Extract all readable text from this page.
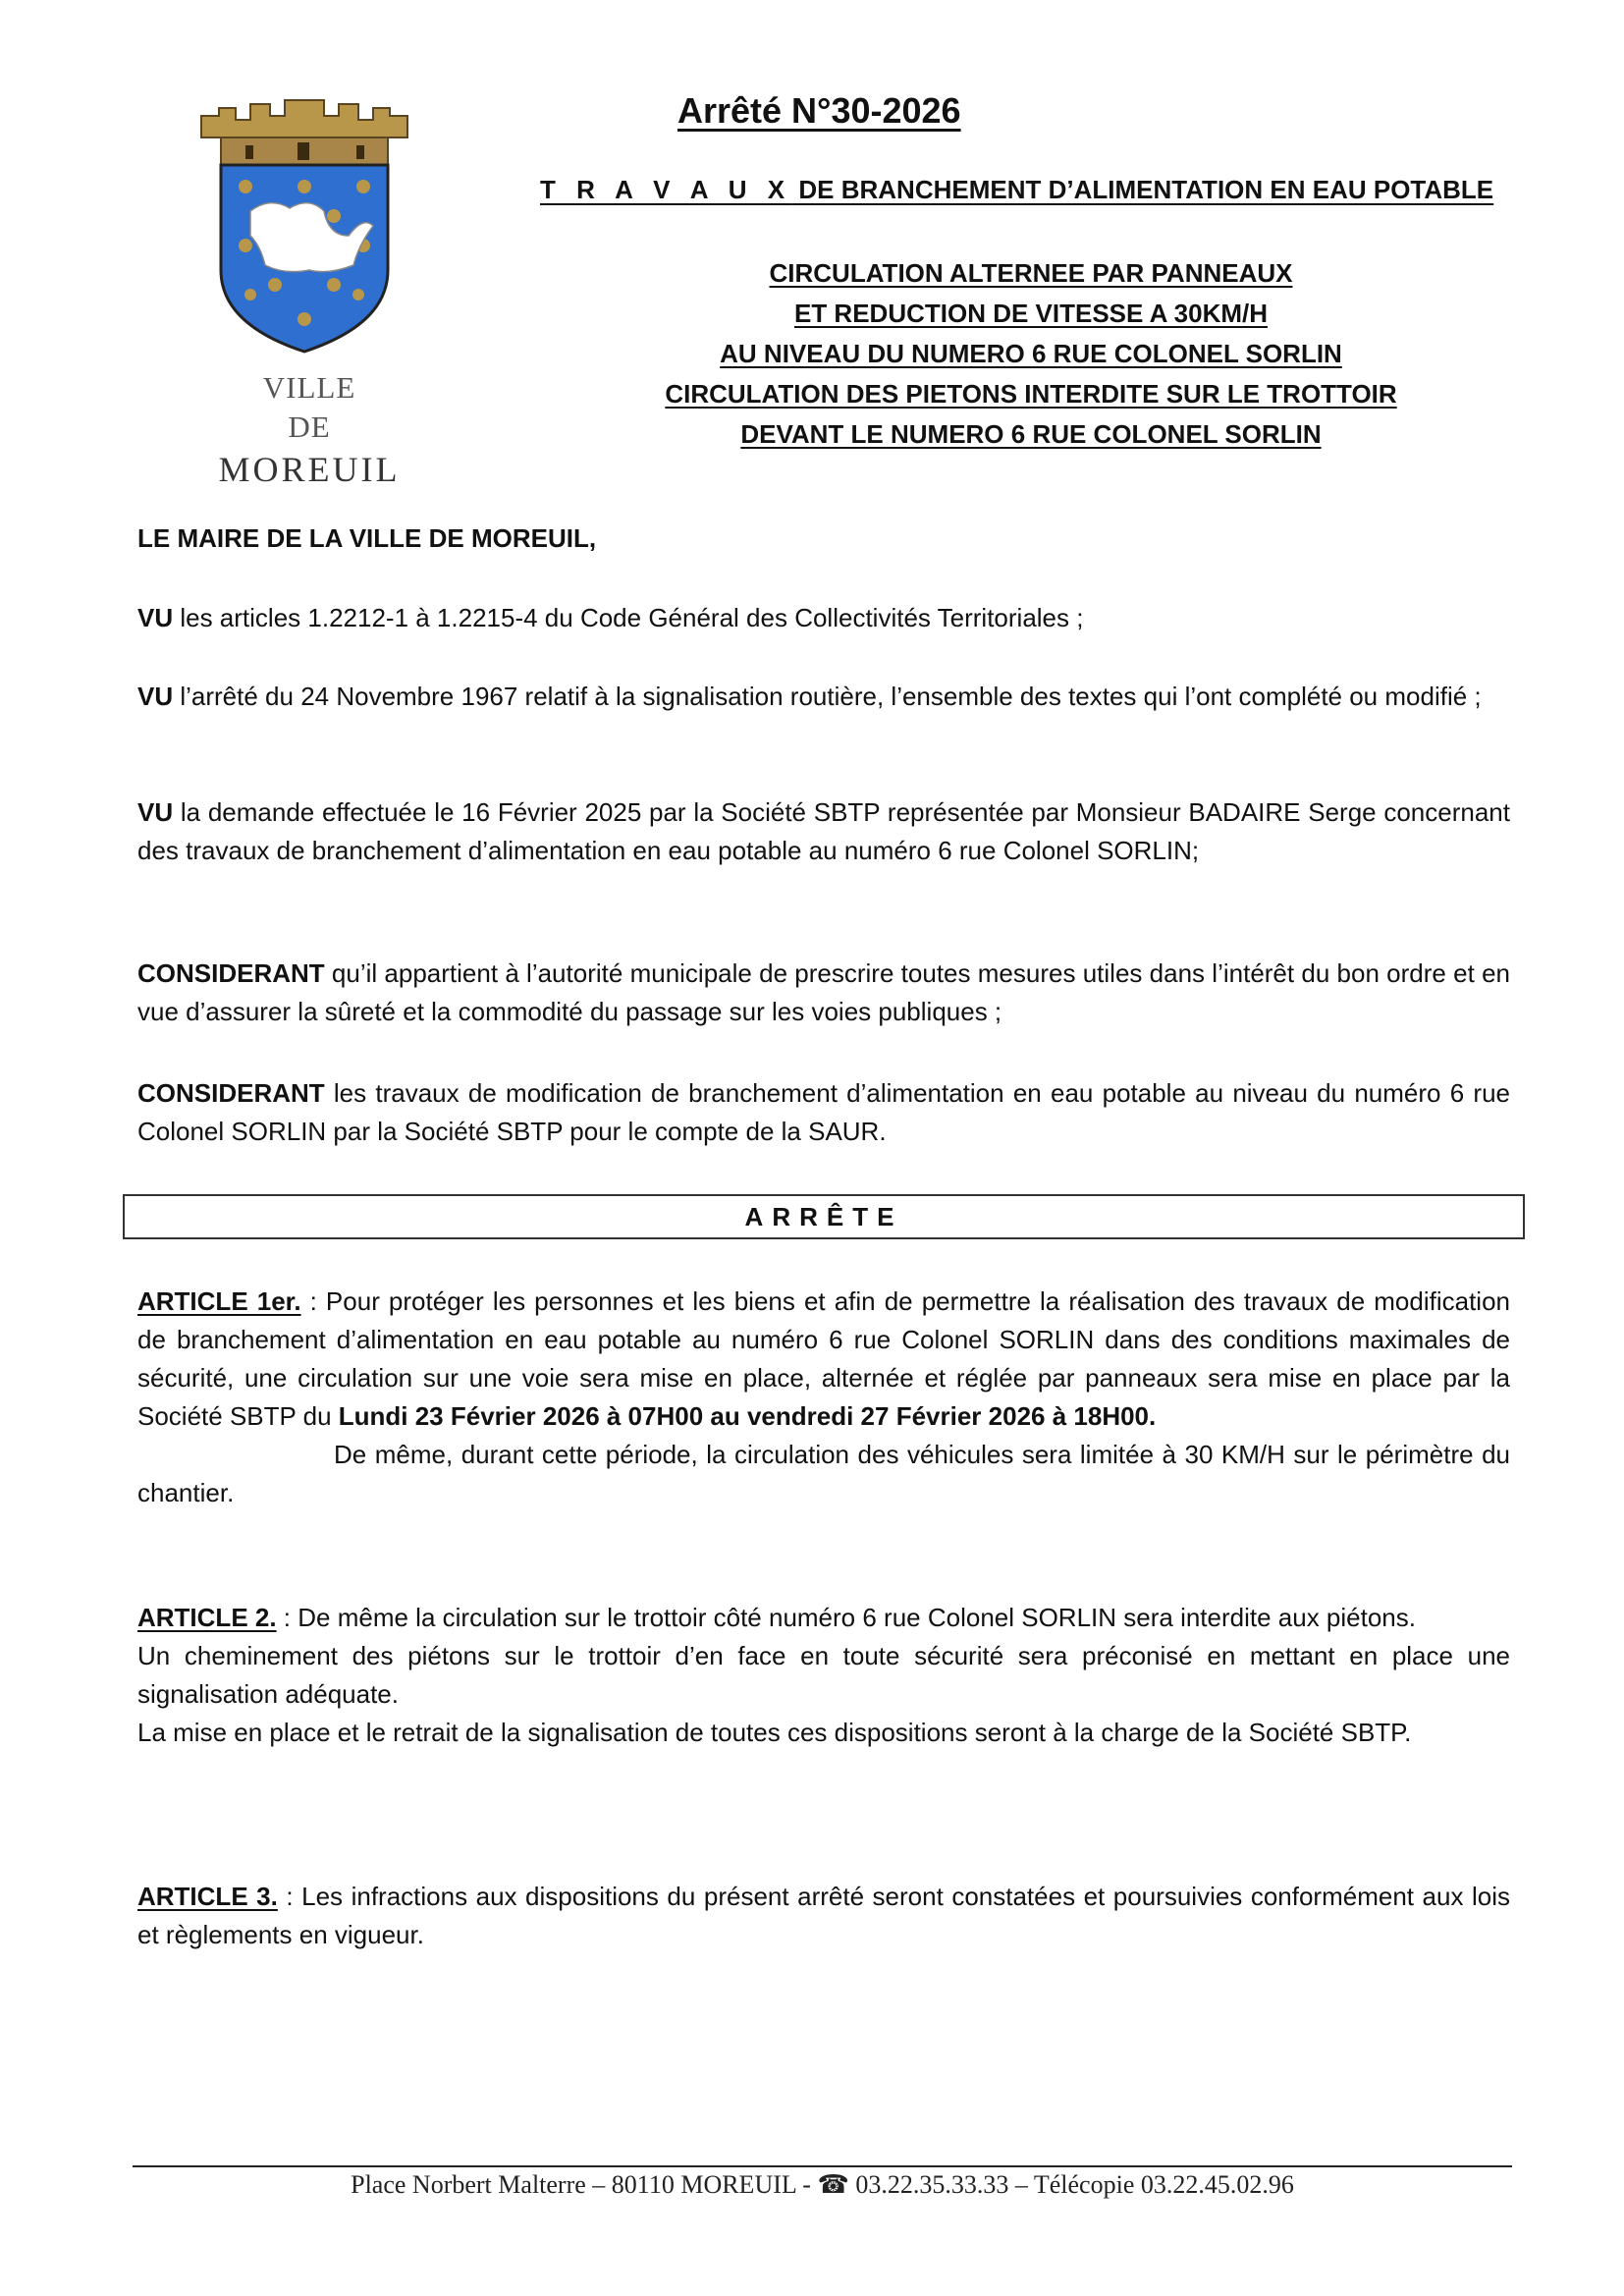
VILLE
DE
MOREUIL
Arrêté N°30-2026
T R A V A U X DE BRANCHEMENT D’ALIMENTATION EN EAU POTABLE
CIRCULATION ALTERNEE PAR PANNEAUX
ET REDUCTION DE VITESSE A 30KM/H
AU NIVEAU DU NUMERO 6 RUE COLONEL SORLIN
CIRCULATION DES PIETONS INTERDITE SUR LE TROTTOIR
DEVANT LE NUMERO 6 RUE COLONEL SORLIN
LE MAIRE DE LA VILLE DE MOREUIL,
VU les articles 1.2212-1 à 1.2215-4 du Code Général des Collectivités Territoriales ;
VU l’arrêté du 24 Novembre 1967 relatif à la signalisation routière, l’ensemble des textes qui l’ont complété ou modifié ;
VU la demande effectuée le 16 Février 2025 par la Société SBTP représentée par Monsieur BADAIRE Serge concernant des travaux de branchement d’alimentation en eau potable au numéro 6 rue Colonel SORLIN;
CONSIDERANT qu’il appartient à l’autorité municipale de prescrire toutes mesures utiles dans l’intérêt du bon ordre et en vue d’assurer la sûreté et la commodité du passage sur les voies publiques ;
CONSIDERANT les travaux de modification de branchement d’alimentation en eau potable au niveau du numéro 6 rue Colonel SORLIN par la Société SBTP pour le compte de la SAUR.
ARRÊTE
ARTICLE 1er. : Pour protéger les personnes et les biens et afin de permettre la réalisation des travaux de modification de branchement d’alimentation en eau potable au numéro 6 rue Colonel SORLIN dans des conditions maximales de sécurité, une circulation sur une voie sera mise en place, alternée et réglée par panneaux sera mise en place par la Société SBTP du Lundi 23 Février 2026 à 07H00 au vendredi 27 Février 2026 à 18H00.
De même, durant cette période, la circulation des véhicules sera limitée à 30 KM/H sur le périmètre du chantier.
ARTICLE 2. : De même la circulation sur le trottoir côté numéro 6 rue Colonel SORLIN sera interdite aux piétons.
Un cheminement des piétons sur le trottoir d’en face en toute sécurité sera préconisé en mettant en place une signalisation adéquate.
La mise en place et le retrait de la signalisation de toutes ces dispositions seront à la charge de la Société SBTP.
ARTICLE 3. : Les infractions aux dispositions du présent arrêté seront constatées et poursuivies conformément aux lois et règlements en vigueur.
Place Norbert Malterre – 80110 MOREUIL - ☎ 03.22.35.33.33 – Télécopie 03.22.45.02.96
